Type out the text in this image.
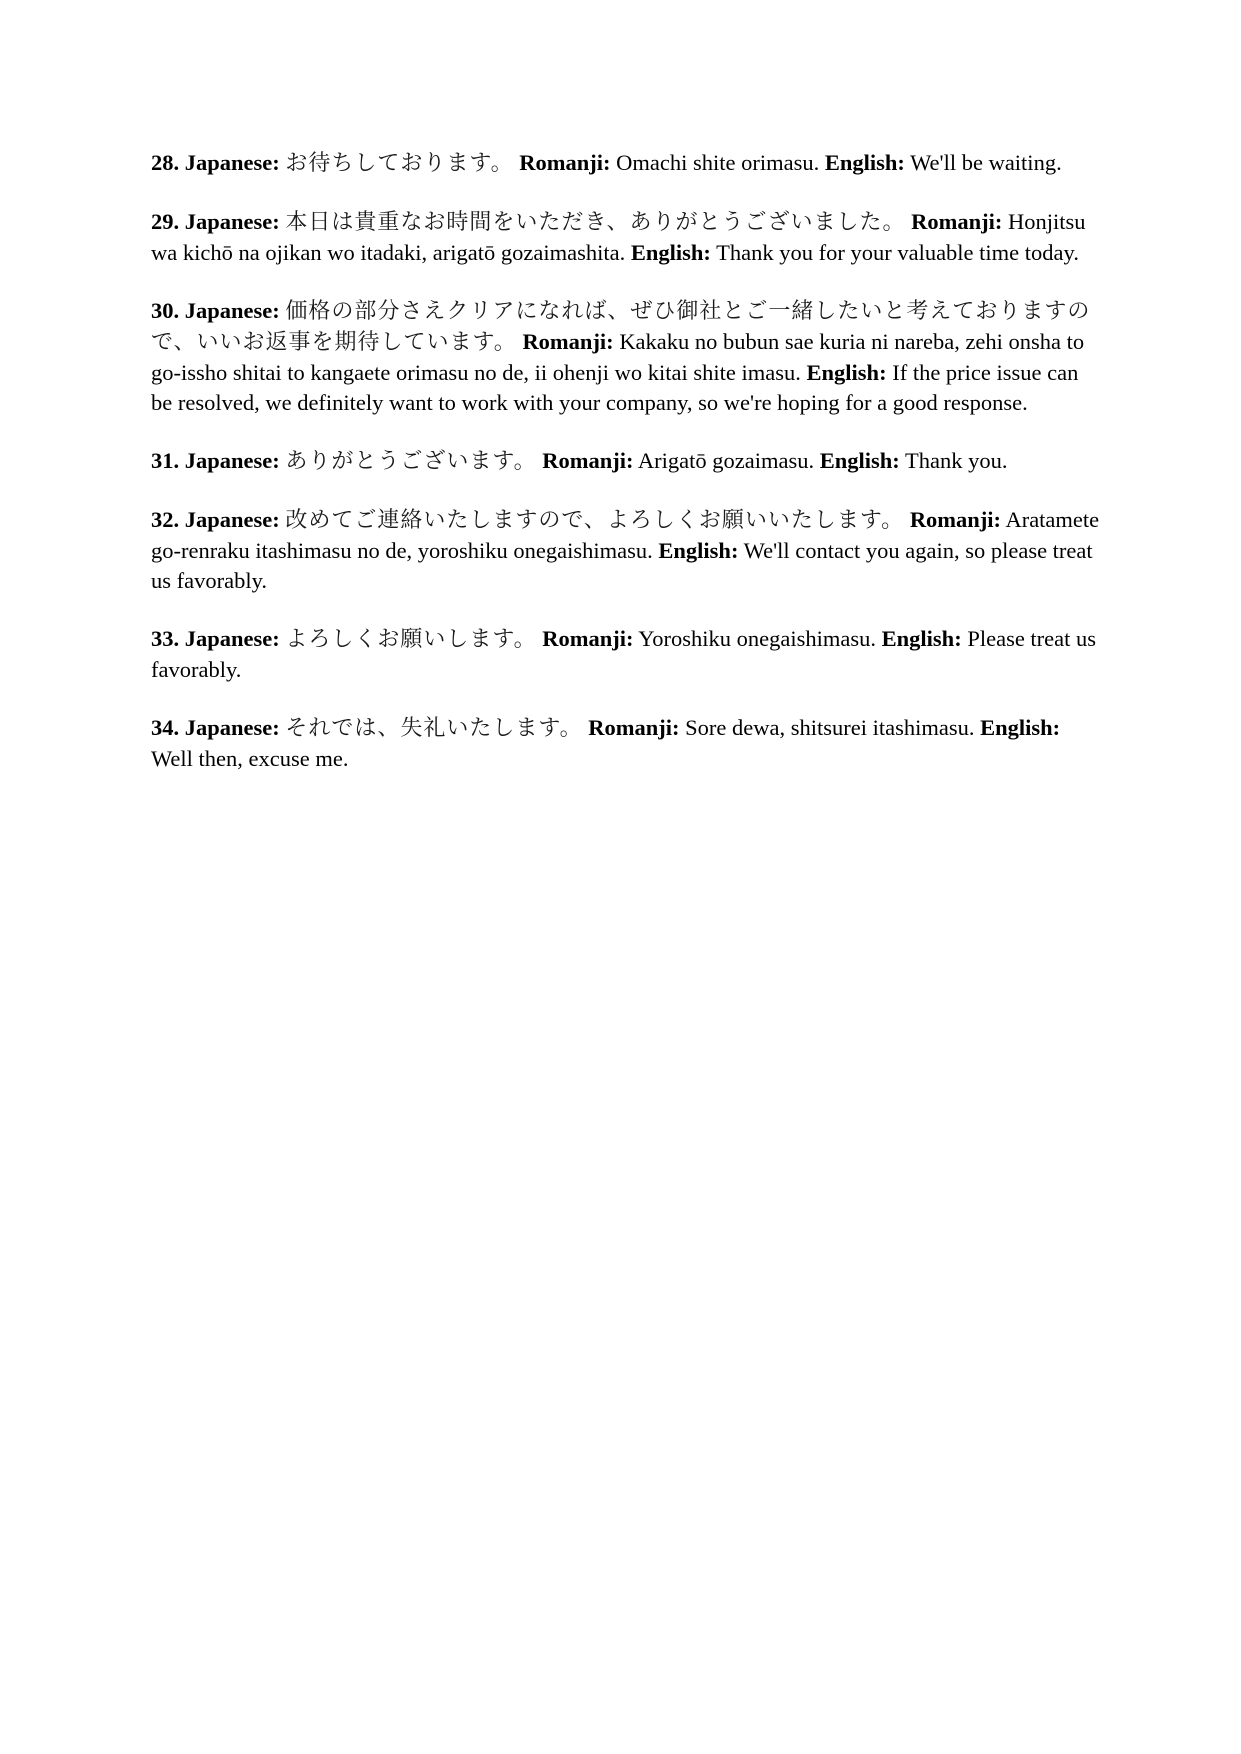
28. Japanese: お待ちしております。 Romanji: Omachi shite orimasu. English: We'll be waiting.

29. Japanese: 本日は貴重なお時間をいただき、ありがとうございました。 Romanji: Honjitsu wa kichō na ojikan wo itadaki, arigatō gozaimashita. English: Thank you for your valuable time today.

30. Japanese: 価格の部分さえクリアになれば、ぜひ御社とご一緒したいと考えておりますので、いいお返事を期待しています。 Romanji: Kakaku no bubun sae kuria ni nareba, zehi onsha to go-issho shitai to kangaete orimasu no de, ii ohenji wo kitai shite imasu. English: If the price issue can be resolved, we definitely want to work with your company, so we're hoping for a good response.

31. Japanese: ありがとうございます。 Romanji: Arigatō gozaimasu. English: Thank you.

32. Japanese: 改めてご連絡いたしますので、よろしくお願いいたします。 Romanji: Aratamete go-renraku itashimasu no de, yoroshiku onegaishimasu. English: We'll contact you again, so please treat us favorably.

33. Japanese: よろしくお願いします。 Romanji: Yoroshiku onegaishimasu. English: Please treat us favorably.

34. Japanese: それでは、失礼いたします。 Romanji: Sore dewa, shitsurei itashimasu. English: Well then, excuse me.
